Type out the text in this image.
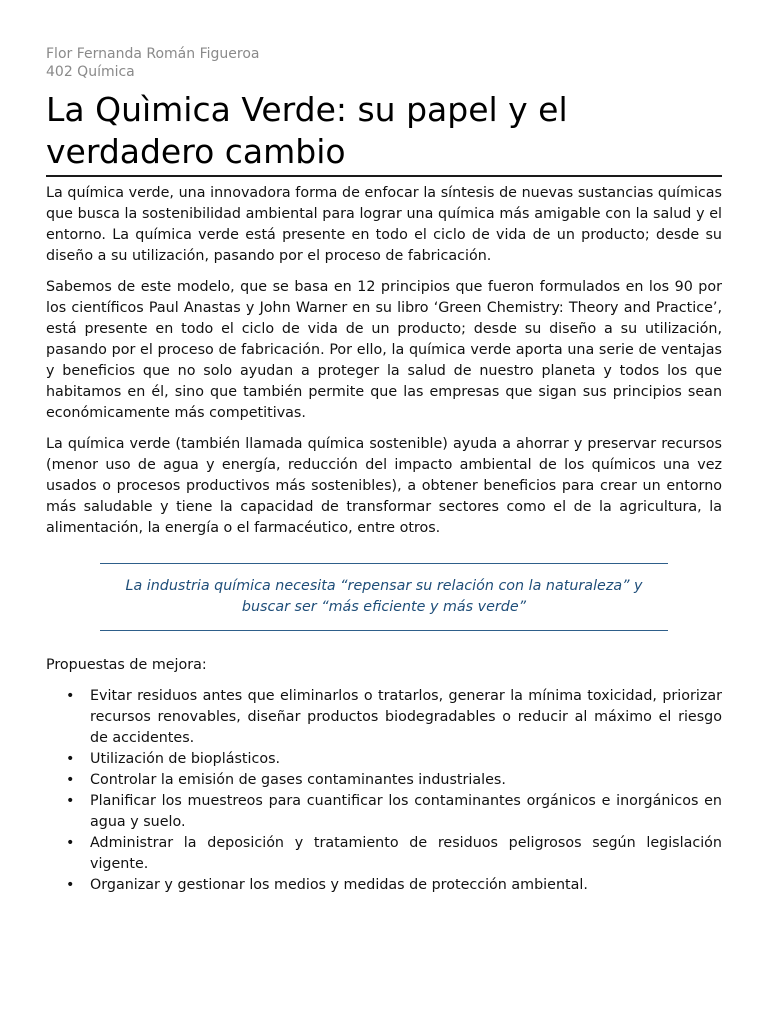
Flor Fernanda Román Figueroa
402 Química
La Quìmica Verde: su papel y el verdadero cambio

La química verde, una innovadora forma de enfocar la síntesis de nuevas sustancias químicas que busca la sostenibilidad ambiental para lograr una química más amigable con la salud y el entorno. La química verde está presente en todo el ciclo de vida de un producto; desde su diseño a su utilización, pasando por el proceso de fabricación.

Sabemos de este modelo, que se basa en 12 principios que fueron formulados en los 90 por los científicos Paul Anastas y John Warner en su libro ‘Green Chemistry: Theory and Practice’, está presente en todo el ciclo de vida de un producto; desde su diseño a su utilización, pasando por el proceso de fabricación. Por ello, la química verde aporta una serie de ventajas y beneficios que no solo ayudan a proteger la salud de nuestro planeta y todos los que habitamos en él, sino que también permite que las empresas que sigan sus principios sean económicamente más competitivas.

La química verde (también llamada química sostenible) ayuda a ahorrar y preservar recursos (menor uso de agua y energía, reducción del impacto ambiental de los químicos una vez usados o procesos productivos más sostenibles), a obtener beneficios para crear un entorno más saludable y tiene la capacidad de transformar sectores como el de la agricultura, la alimentación, la energía o el farmacéutico, entre otros.

La industria química necesita “repensar su relación con la naturaleza” y buscar ser “más eficiente y más verde”

Propuestas de mejora:

• Evitar residuos antes que eliminarlos o tratarlos, generar la mínima toxicidad, priorizar recursos renovables, diseñar productos biodegradables o reducir al máximo el riesgo de accidentes.
• Utilización de bioplásticos.
• Controlar la emisión de gases contaminantes industriales.
• Planificar los muestreos para cuantificar los contaminantes orgánicos e inorgánicos en agua y suelo.
• Administrar la deposición y tratamiento de residuos peligrosos según legislación vigente.
• Organizar y gestionar los medios y medidas de protección ambiental.
